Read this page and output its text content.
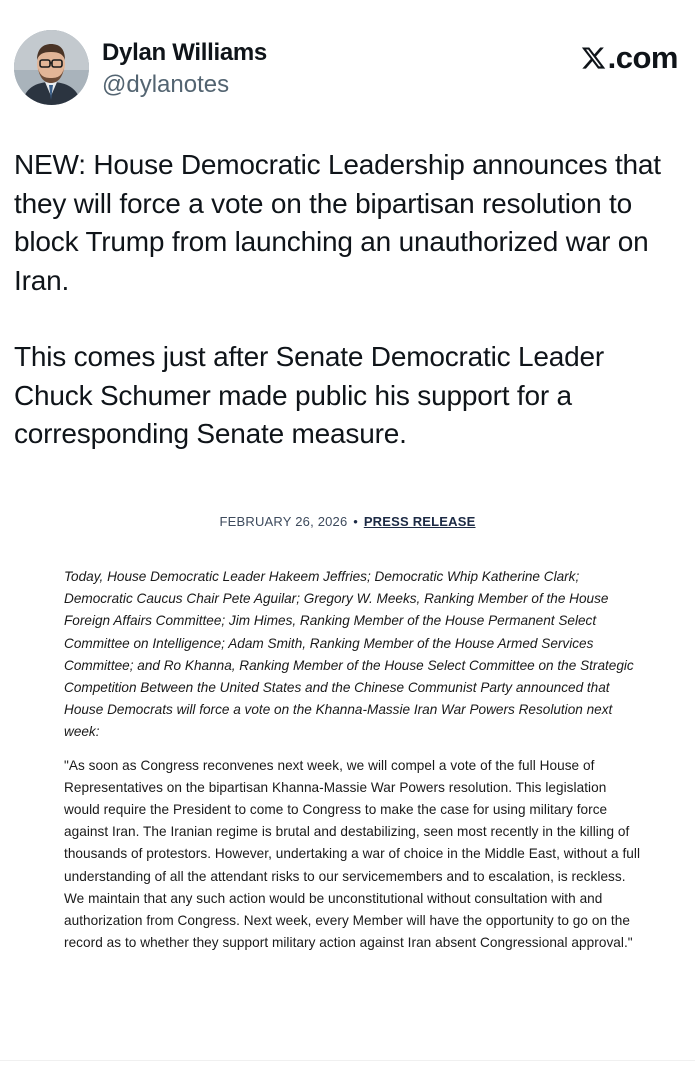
Dylan Williams
@dylanotes
.com

NEW: House Democratic Leadership announces that they will force a vote on the bipartisan resolution to block Trump from launching an unauthorized war on Iran.

This comes just after Senate Democratic Leader Chuck Schumer made public his support for a corresponding Senate measure.

FEBRUARY 26, 2026 • PRESS RELEASE

Today, House Democratic Leader Hakeem Jeffries; Democratic Whip Katherine Clark; Democratic Caucus Chair Pete Aguilar; Gregory W. Meeks, Ranking Member of the House Foreign Affairs Committee; Jim Himes, Ranking Member of the House Permanent Select Committee on Intelligence; Adam Smith, Ranking Member of the House Armed Services Committee; and Ro Khanna, Ranking Member of the House Select Committee on the Strategic Competition Between the United States and the Chinese Communist Party announced that House Democrats will force a vote on the Khanna-Massie Iran War Powers Resolution next week:

"As soon as Congress reconvenes next week, we will compel a vote of the full House of Representatives on the bipartisan Khanna-Massie War Powers resolution. This legislation would require the President to come to Congress to make the case for using military force against Iran. The Iranian regime is brutal and destabilizing, seen most recently in the killing of thousands of protestors. However, undertaking a war of choice in the Middle East, without a full understanding of all the attendant risks to our servicemembers and to escalation, is reckless. We maintain that any such action would be unconstitutional without consultation with and authorization from Congress. Next week, every Member will have the opportunity to go on the record as to whether they support military action against Iran absent Congressional approval."
